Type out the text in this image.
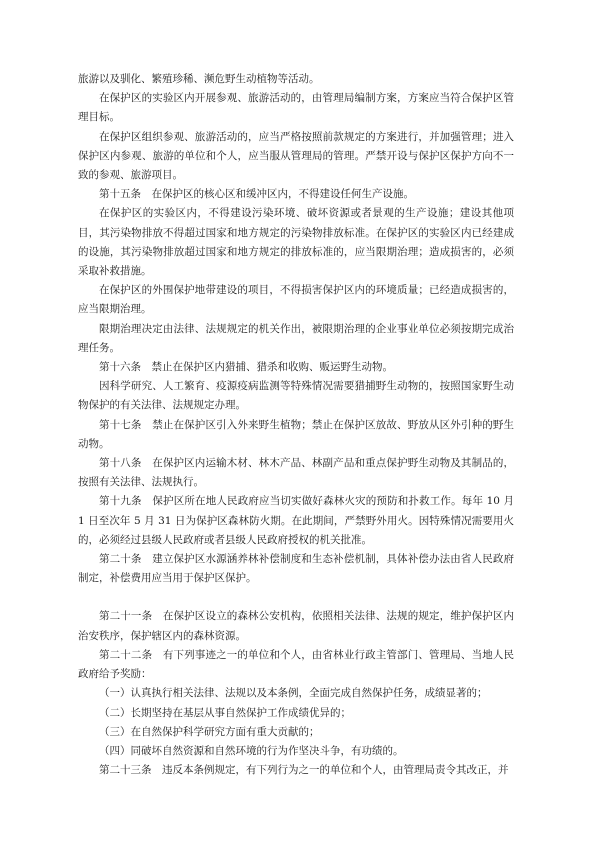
旅游以及驯化、繁殖珍稀、濒危野生动植物等活动。

在保护区的实验区内开展参观、旅游活动的，由管理局编制方案，方案应当符合保护区管理目标。

在保护区组织参观、旅游活动的，应当严格按照前款规定的方案进行，并加强管理；进入保护区内参观、旅游的单位和个人，应当服从管理局的管理。严禁开设与保护区保护方向不一致的参观、旅游项目。

第十五条　在保护区的核心区和缓冲区内，不得建设任何生产设施。

在保护区的实验区内，不得建设污染环境、破坏资源或者景观的生产设施；建设其他项目，其污染物排放不得超过国家和地方规定的污染物排放标准。在保护区的实验区内已经建成的设施，其污染物排放超过国家和地方规定的排放标准的，应当限期治理；造成损害的，必须采取补救措施。

在保护区的外围保护地带建设的项目，不得损害保护区内的环境质量；已经造成损害的，应当限期治理。

限期治理决定由法律、法规规定的机关作出，被限期治理的企业事业单位必须按期完成治理任务。

第十六条　禁止在保护区内猎捕、猎杀和收购、贩运野生动物。

因科学研究、人工繁育、疫源疫病监测等特殊情况需要猎捕野生动物的，按照国家野生动物保护的有关法律、法规规定办理。

第十七条　禁止在保护区引入外来野生植物；禁止在保护区放故、野放从区外引种的野生动物。

第十八条　在保护区内运输木材、林木产品、林副产品和重点保护野生动物及其制品的，按照有关法律、法规执行。

第十九条　保护区所在地人民政府应当切实做好森林火灾的预防和扑救工作。每年 10 月 1 日至次年 5 月 31 日为保护区森林防火期。在此期间，严禁野外用火。因特殊情况需要用火的，必须经过县级人民政府或者县级人民政府授权的机关批准。

第二十条　建立保护区水源涵养林补偿制度和生态补偿机制，具体补偿办法由省人民政府制定，补偿费用应当用于保护区保护。

第二十一条　在保护区设立的森林公安机构，依照相关法律、法规的规定，维护保护区内治安秩序，保护辖区内的森林资源。

第二十二条　有下列事迹之一的单位和个人，由省林业行政主管部门、管理局、当地人民政府给予奖励：

（一）认真执行相关法律、法规以及本条例，全面完成自然保护任务，成绩显著的；

（二）长期坚持在基层从事自然保护工作成绩优异的；

（三）在自然保护科学研究方面有重大贡献的；

（四）同破坏自然资源和自然环境的行为作坚决斗争，有功绩的。

第二十三条　违反本条例规定，有下列行为之一的单位和个人，由管理局责令其改正，并
